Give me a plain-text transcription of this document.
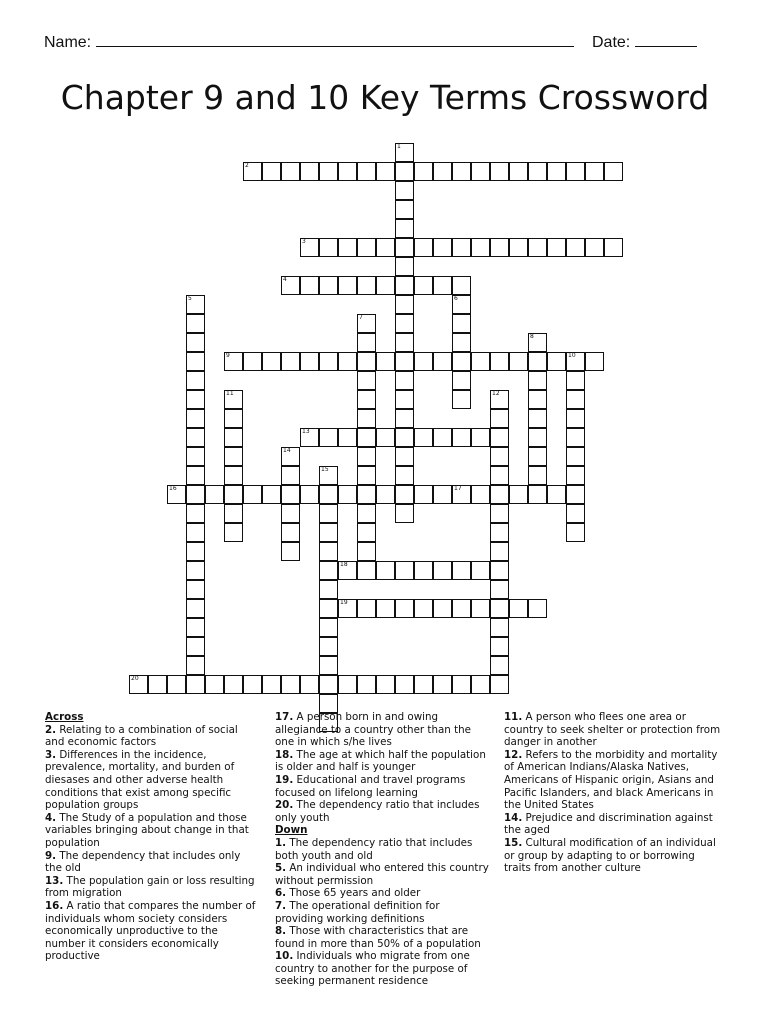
Name:	Date:
Chapter 9 and 10 Key Terms Crossword
1
2
3
4
5	6
7
8
9	10
11	12
13
14
15
16	17
18
19
20
Across
2. Relating to a combination of social and economic factors
3. Differences in the incidence, prevalence, mortality, and burden of diesases and other adverse health conditions that exist among specific population groups
4. The Study of a population and those variables bringing about change in that population
9. The dependency that includes only the old
13. The population gain or loss resulting from migration
16. A ratio that compares the number of individuals whom society considers economically unproductive to the number it considers economically productive
17. A person born in and owing allegiance to a country other than the one in which s/he lives
18. The age at which half the population is older and half is younger
19. Educational and travel programs focused on lifelong learning
20. The dependency ratio that includes only youth
Down
1. The dependency ratio that includes both youth and old
5. An individual who entered this country without permission
6. Those 65 years and older
7. The operational definition for providing working definitions
8. Those with characteristics that are found in more than 50% of a population
10. Individuals who migrate from one country to another for the purpose of seeking permanent residence
11. A person who flees one area or country to seek shelter or protection from danger in another
12. Refers to the morbidity and mortality of American Indians/Alaska Natives, Americans of Hispanic origin, Asians and Pacific Islanders, and black Americans in the United States
14. Prejudice and discrimination against the aged
15. Cultural modification of an individual or group by adapting to or borrowing traits from another culture
